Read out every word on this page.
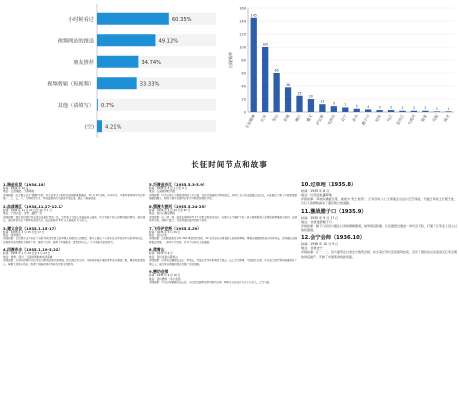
小时候看过	60.35%
视频网站的推送	49.12%
朋友推荐	34.74%
视频剪辑（短视频）	33.33%
其他（请填写） 0.7%
(空) 4.21%
0
20
40
60
80
100
120
140
160
出现频率
145
长征精神
100
红军
60
雪山
38
草地
25
湘江
20
遵义
12
泸定桥
9
毛泽东
7
会宁
5
赤水
4
腊子口
3
延安
3
乌江
2
金沙江
2
大渡河
2
瑞金
1
吴起
1
陕北
长征时间节点和故事
1.瑞金出发（1934.10）
时间：1934 年 10 月
地点：江西瑞金、于都等地
详细叙事：由于第五次反“围剿”失败，中央红军主力和机关被迫撤离根据地，10 月 10 日晚，中共中央、中革军委率领中央红军第一、三、五、八、九军团及中央、军委直属纵队从瑞金等地出发，踏上了漫漫征途。
2.血战湘江（1934.11.27-12.1）
时间：1934 年 11 月 27 日至 12 月 1 日
地点：广西兴安、全州、灌阳一带
详细叙事：湘江战役是红军长征以来最壮烈的一仗。红军将士与敌人浴血奋战五昼夜，终于突破了敌人的第四道封锁线，渡过湘江，但红军也付出了极其惨重的代价，由出发时的 8.6 万人锐减至 3 万余人。
3.遵义会议（1935.1.15-17）
时间：1935 年 1 月 15 日至 17 日
地点：贵州遵义
详细叙事：会议集中全力纠正了当时具有决定意义的军事上和组织上的错误，事实上确立了毛泽东在红军和党中央的领导地位，在极其危急的情况下挽救了党、挽救了红军、挽救了中国革命，是党的历史上一个生死攸关的转折点。
4.四渡赤水（1935.1.19-3.22）
时间：1935 年 1 月 19 日至 3 月 22 日
地点：贵州、四川、云南交界的赤水河流域
详细叙事：毛泽东指挥中央红军在川黔滇边境迂回穿插，四次渡过赤水河，巧妙地穿插于国民党军重兵集团之间，调动和迷惑敌人，掌握了战场主动权，取得了战略转移中具有决定意义的胜利。
5.巧渡金沙江（1935.5.3-5.9）
时间：1935 年 5 月 3 日至 9 日
地点：云南禄劝皎平渡
详细叙事：中央红军主力靠着找到的七只小船，在皎平渡昼夜不停地渡江，历时七天七夜全部渡过金沙江，从此跳出了数十万敌军围追堵截的圈子，粉碎了蒋介石围歼红军于川黔滇边境的计划。
6.强渡大渡河（1935.5.24-25）
时间：1935 年 5 月 24 日至 25 日
地点：四川石棉安顺场
详细叙事：红一团一营二连连长熊尚林等 17 名勇士组成突击队，在强大火力掩护下乘一条小船冒着敌人密集的枪弹强渡大渡河，击溃对岸守敌，控制了渡口，为后续部队渡河创造了条件。
7.飞夺泸定桥（1935.5.29）
时间：1935 年 5 月 29 日
地点：四川泸定
详细叙事：红四团昼夜急行军 240 里赶到泸定桥，22 名突击队员冒着敌人的枪林弹雨，攀着光溜溜的铁索向对岸冲击，后续部队边铺桥板边冲锋，一举夺下泸定桥，打开了红军北上的通道。
8.爬雪山
时间：1935 年 6 月
地点：四川夹金山等雪山
详细叙事：红军先后翻越夹金山、梦笔山、打鼓山等终年积雪的大雪山。山上空气稀薄、气候变化无常，许多战士因严寒和缺氧倒在了雪山上，但红军以顽强的意志克服了重重困难。
9.懋功会师
时间：1935 年 6 月 18 日
地点：四川懋功（今小金县）
详细叙事：中央红军翻越夹金山后，与红四方面军在懋功胜利会师，两军会合后总兵力达十万余人，士气大振。
10.过草地（1935.8）
时间：1935 年 8 月
地点：川西北松潘草地
详细叙事：草地纵横数百里，被视为“死亡地带”，红军历时六七天艰难走出这片茫茫泽国，无数红军战士长眠于此，以巨大的牺牲换来了通往陕甘的道路。
11.激战腊子口（1935.9）
时间：1935 年 9 月 17 日
地点：甘肃迭部腊子口
详细叙事：腊子口是四川通往甘肃的咽喉要道，地势极其险要。红四团经过激战一举攻克天险，打通了红军北上进入甘南的通道。
12.会宁会师（1936.10）
时间：1936 年 10 月 9 日
地点：甘肃会宁
详细叙事：红一、二、四方面军在甘肃会宁胜利会师，标志着红军长征的胜利结束，宣告了国民党反动派消灭红军企图的彻底破产，开辟了中国革命的新局面。
